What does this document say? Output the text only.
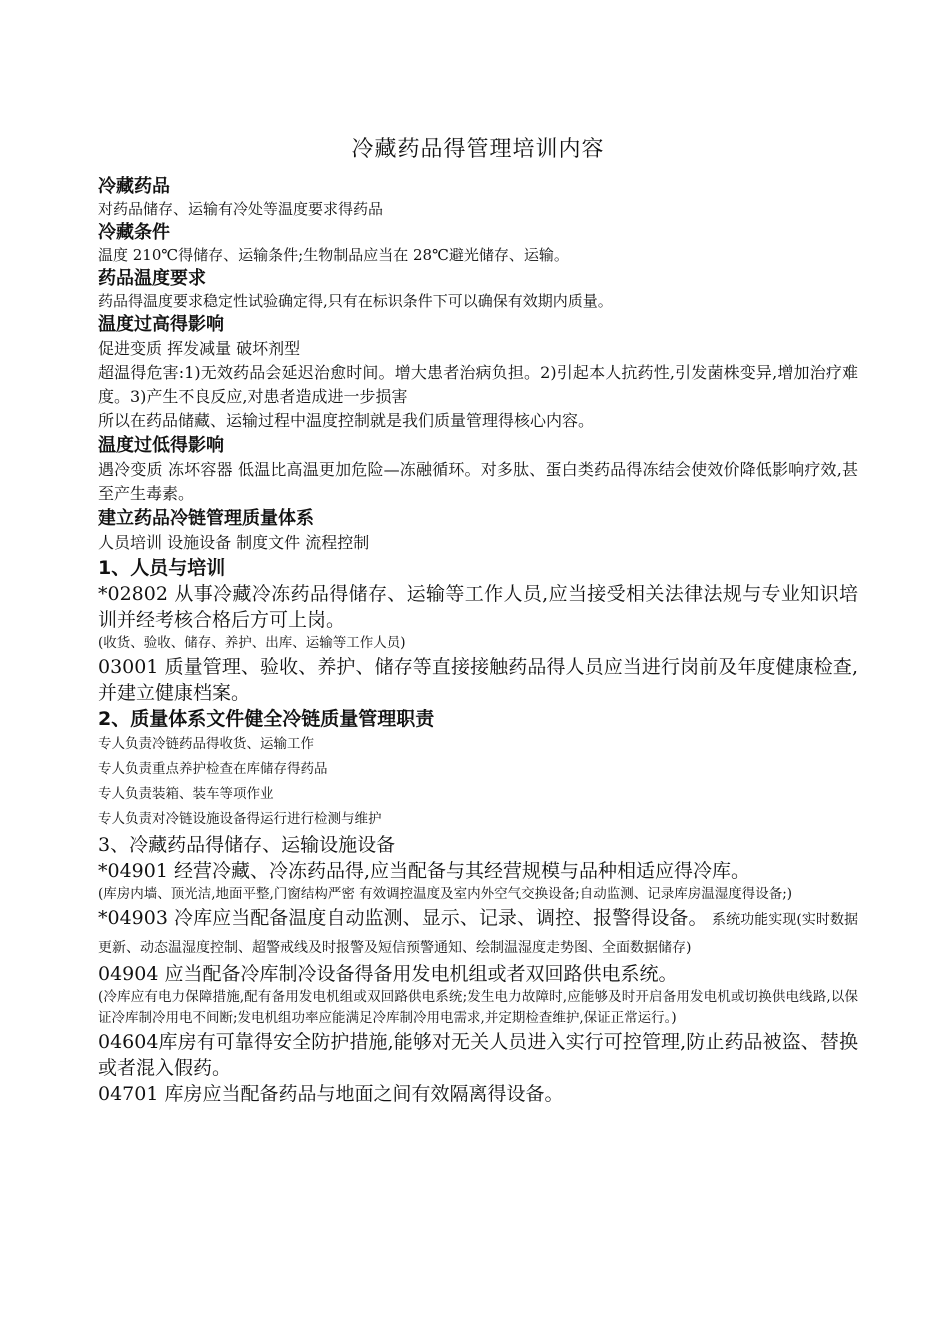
冷藏药品得管理培训内容
冷藏药品
对药品储存、运输有冷处等温度要求得药品
冷藏条件
温度 210℃得储存、运输条件;生物制品应当在 28℃避光储存、运输。
药品温度要求
药品得温度要求稳定性试验确定得,只有在标识条件下可以确保有效期内质量。
温度过高得影响
促进变质 挥发减量 破坏剂型
超温得危害:1)无效药品会延迟治愈时间。增大患者治病负担。2)引起本人抗药性,引发菌株变异,增加治疗难度。3)产生不良反应,对患者造成进一步损害
所以在药品储藏、运输过程中温度控制就是我们质量管理得核心内容。
温度过低得影响
遇冷变质 冻坏容器 低温比高温更加危险—冻融循环。对多肽、蛋白类药品得冻结会使效价降低影响疗效,甚至产生毒素。
建立药品冷链管理质量体系
人员培训 设施设备 制度文件 流程控制
1、人员与培训
*02802 从事冷藏冷冻药品得储存、运输等工作人员,应当接受相关法律法规与专业知识培训并经考核合格后方可上岗。
(收货、验收、储存、养护、出库、运输等工作人员)
03001 质量管理、验收、养护、储存等直接接触药品得人员应当进行岗前及年度健康检查,并建立健康档案。
2、质量体系文件健全冷链质量管理职责
专人负责冷链药品得收货、运输工作
专人负责重点养护检查在库储存得药品
专人负责装箱、装车等项作业
专人负责对冷链设施设备得运行进行检测与维护
3、冷藏药品得储存、运输设施设备
*04901 经营冷藏、冷冻药品得,应当配备与其经营规模与品种相适应得冷库。
(库房内墙、顶光洁,地面平整,门窗结构严密 有效调控温度及室内外空气交换设备;自动监测、记录库房温湿度得设备;)
*04903 冷库应当配备温度自动监测、显示、记录、调控、报警得设备。 系统功能实现(实时数据更新、动态温湿度控制、超警戒线及时报警及短信预警通知、绘制温湿度走势图、全面数据储存)
04904 应当配备冷库制冷设备得备用发电机组或者双回路供电系统。
(冷库应有电力保障措施,配有备用发电机组或双回路供电系统;发生电力故障时,应能够及时开启备用发电机或切换供电线路,以保证冷库制冷用电不间断;发电机组功率应能满足冷库制冷用电需求,并定期检查维护,保证正常运行。)
04604库房有可靠得安全防护措施,能够对无关人员进入实行可控管理,防止药品被盗、替换或者混入假药。
04701 库房应当配备药品与地面之间有效隔离得设备。
